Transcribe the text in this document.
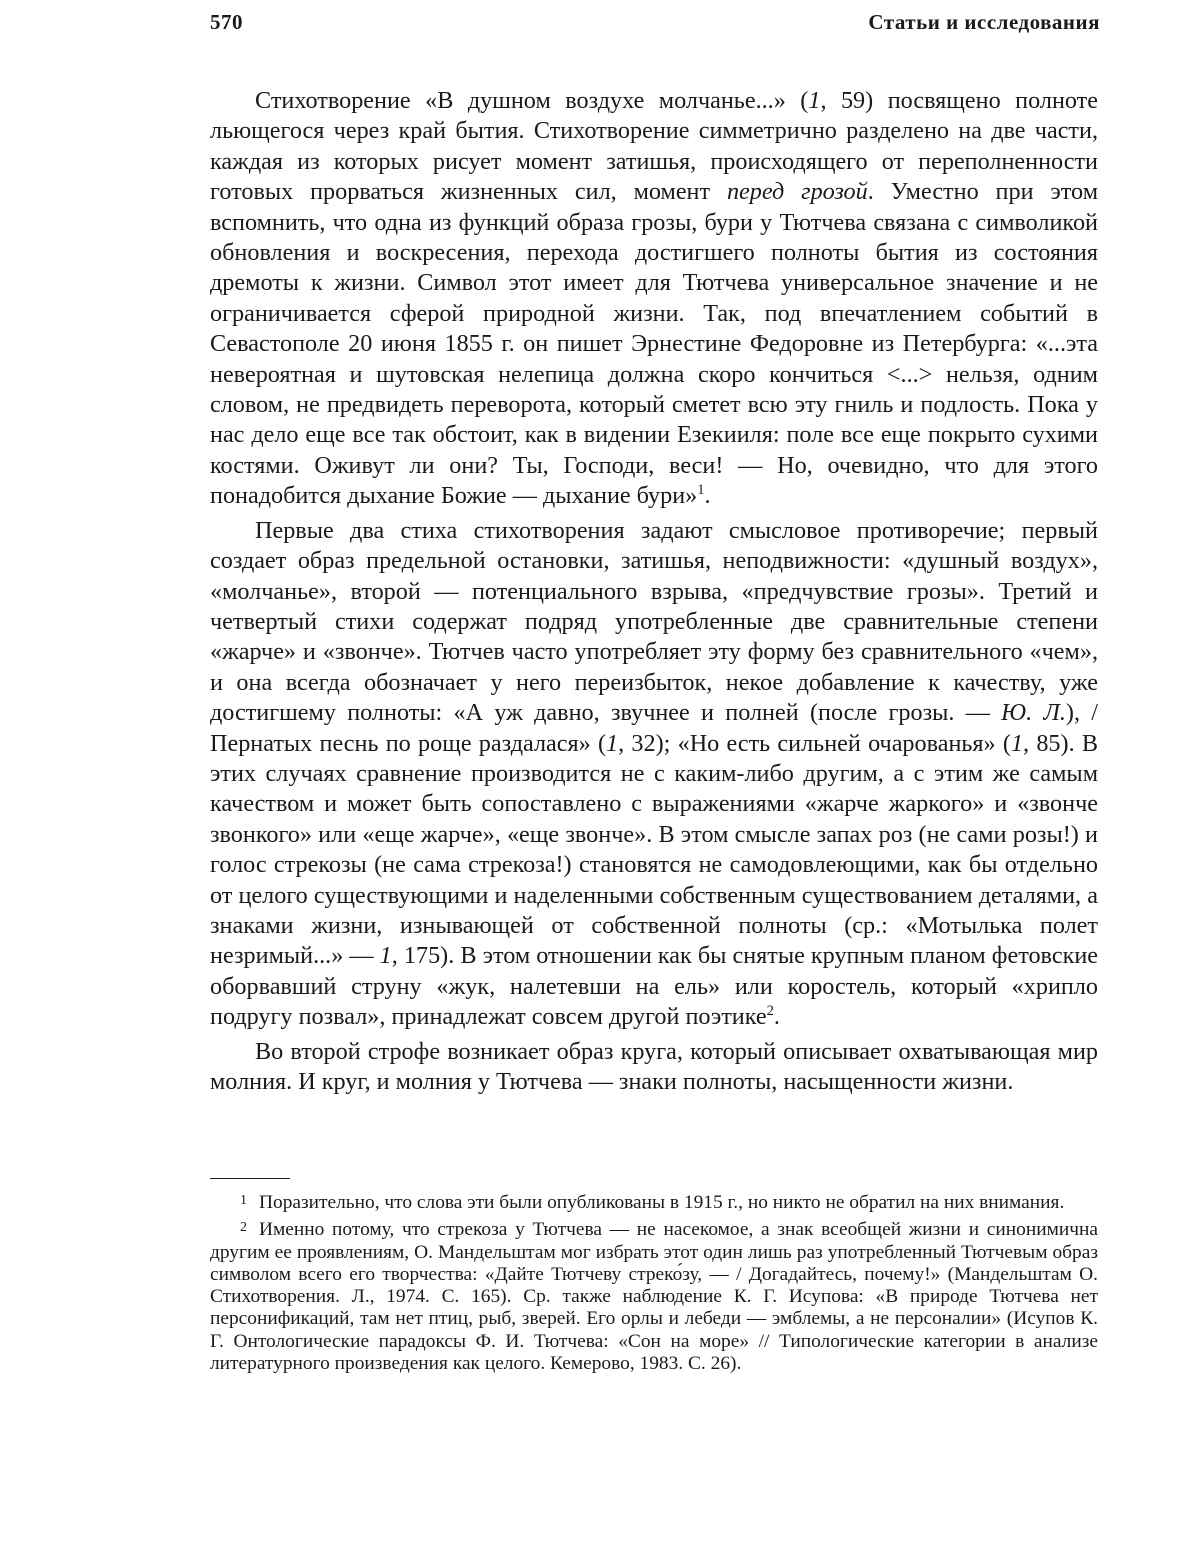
570	Статьи и исследования

Стихотворение «В душном воздухе молчанье...» (1, 59) посвящено полноте льющегося через край бытия. Стихотворение симметрично разделено на две части, каждая из которых рисует момент затишья, происходящего от переполненности готовых прорваться жизненных сил, момент перед грозой. Уместно при этом вспомнить, что одна из функций образа грозы, бури у Тютчева связана с символикой обновления и воскресения, перехода достигшего полноты бытия из состояния дремоты к жизни. Символ этот имеет для Тютчева универсальное значение и не ограничивается сферой природной жизни. Так, под впечатлением событий в Севастополе 20 июня 1855 г. он пишет Эрнестине Федоровне из Петербурга: «...эта невероятная и шутовская нелепица должна скоро кончиться <...> нельзя, одним словом, не предвидеть переворота, который сметет всю эту гниль и подлость. Пока у нас дело еще все так обстоит, как в видении Езекииля: поле все еще покрыто сухими костями. Оживут ли они? Ты, Господи, веси! — Но, очевидно, что для этого понадобится дыхание Божие — дыхание бури»$^1$.

Первые два стиха стихотворения задают смысловое противоречие; первый создает образ предельной остановки, затишья, неподвижности: «душный воздух», «молчанье», второй — потенциального взрыва, «предчувствие грозы». Третий и четвертый стихи содержат подряд употребленные две сравнительные степени «жарче» и «звонче». Тютчев часто употребляет эту форму без сравнительного «чем», и она всегда обозначает у него переизбыток, некое добавление к качеству, уже достигшему полноты: «А уж давно, звучнее и полней (после грозы. — Ю. Л.), / Пернатых песнь по роще раздалася» (1, 32); «Но есть сильней очарованья» (1, 85). В этих случаях сравнение производится не с каким-либо другим, а с этим же самым качеством и может быть сопоставлено с выражениями «жарче жаркого» и «звонче звонкого» или «еще жарче», «еще звонче». В этом смысле запах роз (не сами розы!) и голос стрекозы (не сама стрекоза!) становятся не самодовлеющими, как бы отдельно от целого существующими и наделенными собственным существованием деталями, а знаками жизни, изнывающей от собственной полноты (ср.: «Мотылька полет незримый...» — 1, 175). В этом отношении как бы снятые крупным планом фетовские оборвавший струну «жук, налетевши на ель» или коростель, который «хрипло подругу позвал», принадлежат совсем другой поэтике$^2$.

Во второй строфе возникает образ круга, который описывает охватывающая мир молния. И круг, и молния у Тютчева — знаки полноты, насыщенности жизни.

$^1$ Поразительно, что слова эти были опубликованы в 1915 г., но никто не обратил на них внимания.

$^2$ Именно потому, что стрекоза у Тютчева — не насекомое, а знак всеобщей жизни и синонимична другим ее проявлениям, О. Мандельштам мог избрать этот один лишь раз употребленный Тютчевым образ символом всего его творчества: «Дайте Тютчеву стреко́зу, — / Догадайтесь, почему!» (Мандельштам О. Стихотворения. Л., 1974. С. 165). Ср. также наблюдение К. Г. Исупова: «В природе Тютчева нет персонификаций, там нет птиц, рыб, зверей. Его орлы и лебеди — эмблемы, а не персоналии» (Исупов К. Г. Онтологические парадоксы Ф. И. Тютчева: «Сон на море» // Типологические категории в анализе литературного произведения как целого. Кемерово, 1983. С. 26).
